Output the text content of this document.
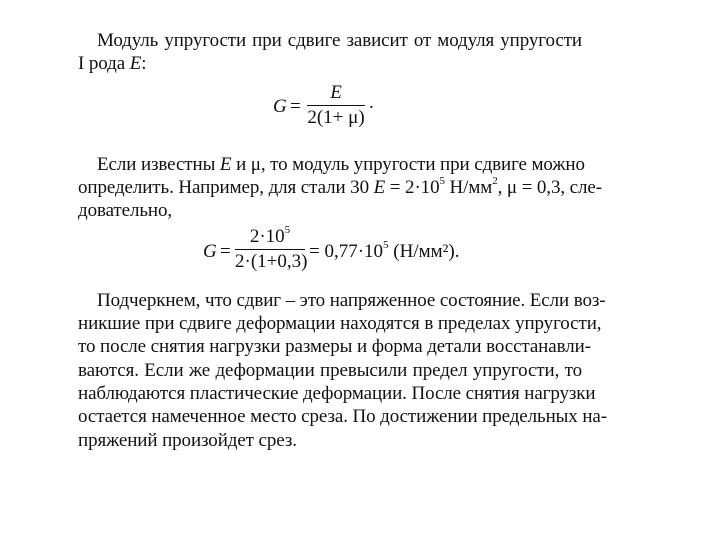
Модуль упругости при сдвиге зависит от модуля упругости
I рода E:
G =
E
2(1+ μ)
.
Если известны E и μ, то модуль упругости при сдвиге можно
определить. Например, для стали 30 $E = 2\cdot 10^5$ $Н/мм^2$, μ = 0,3, сле-
довательно,
G =
$2\cdot 10^5$
$2\cdot(1+0,3) = 0,77\cdot 10^5$ (Н/мм²).
Подчеркнем, что сдвиг – это напряженное состояние. Если воз-
никшие при сдвиге деформации находятся в пределах упругости,
то после снятия нагрузки размеры и форма детали восстанавли-
ваются. Если же деформации превысили предел упругости, то
наблюдаются пластические деформации. После снятия нагрузки
остается намеченное место среза. По достижении предельных на-
пряжений произойдет срез.
